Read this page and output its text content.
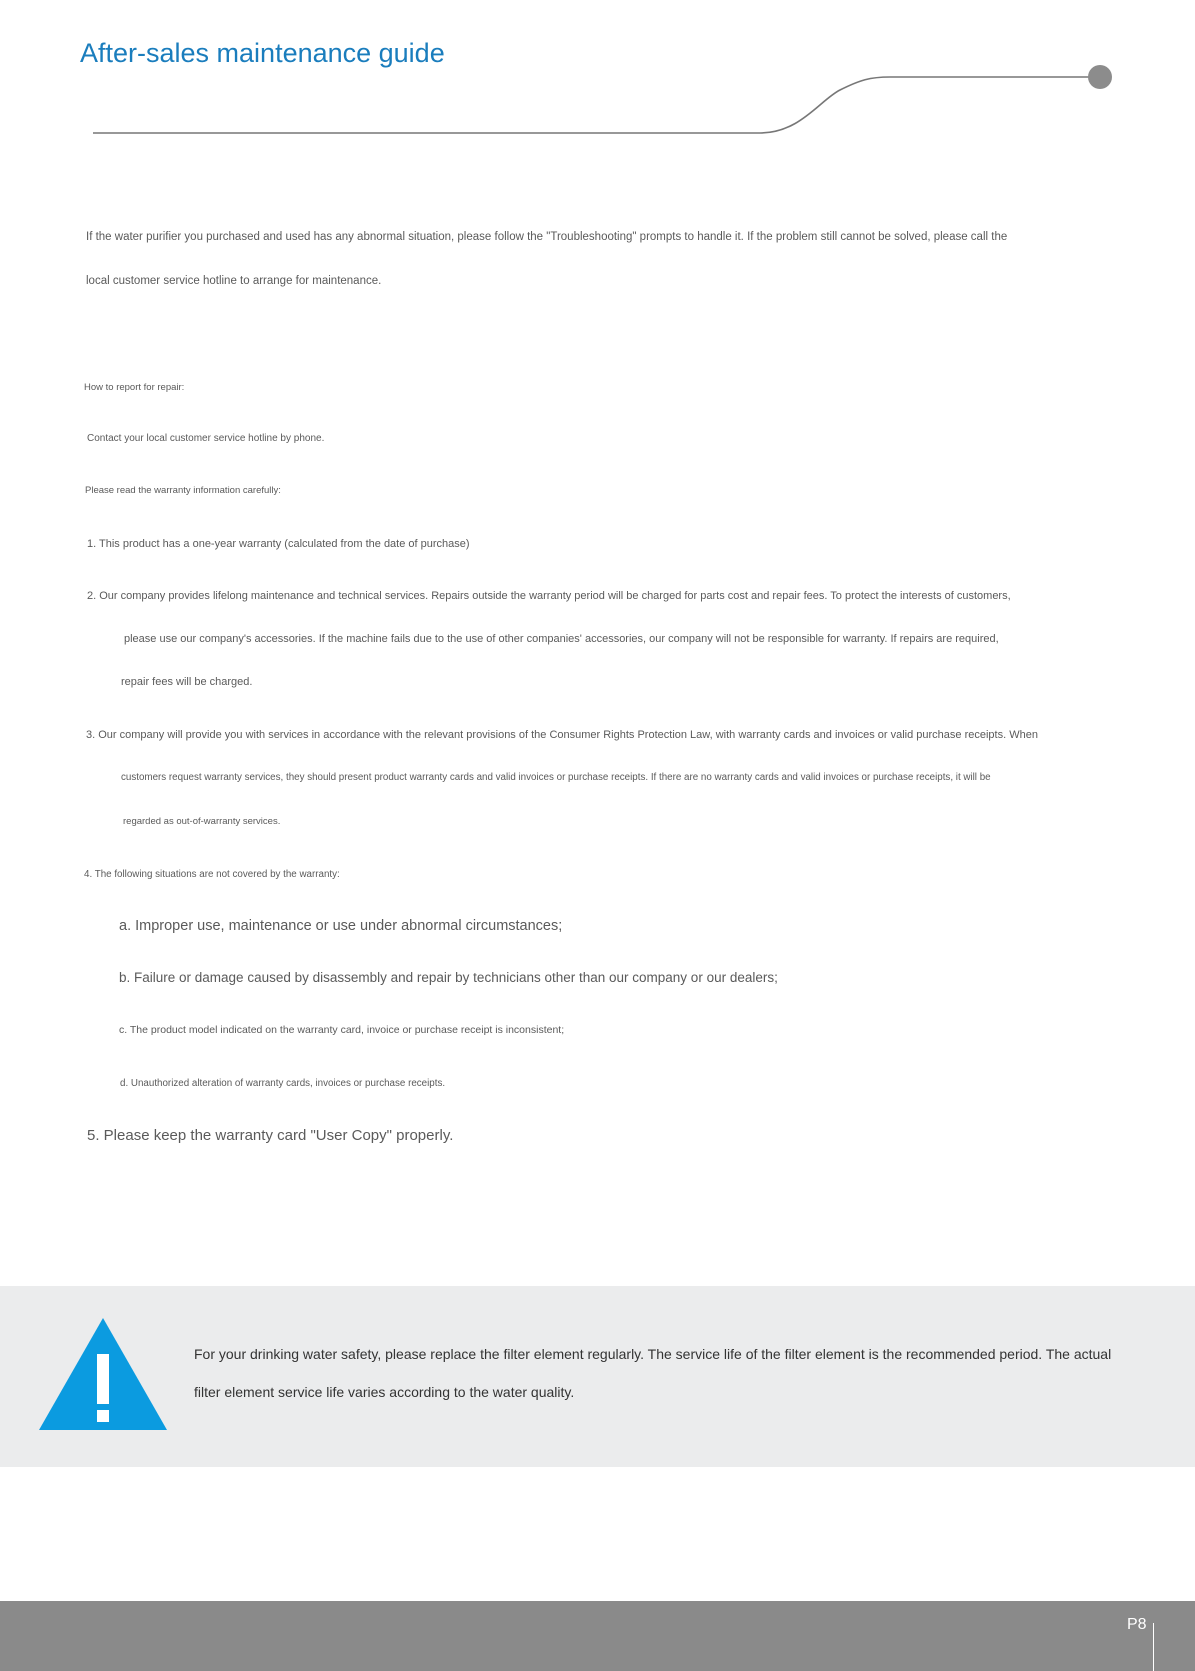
After-sales maintenance guide
If the water purifier you purchased and used has any abnormal situation, please follow the "Troubleshooting" prompts to handle it. If the problem still cannot be solved, please call the
local customer service hotline to arrange for maintenance.
How to report for repair:
Contact your local customer service hotline by phone.
Please read the warranty information carefully:
1. This product has a one-year warranty (calculated from the date of purchase)
2. Our company provides lifelong maintenance and technical services. Repairs outside the warranty period will be charged for parts cost and repair fees. To protect the interests of customers,
please use our company's accessories. If the machine fails due to the use of other companies' accessories, our company will not be responsible for warranty. If repairs are required,
repair fees will be charged.
3. Our company will provide you with services in accordance with the relevant provisions of the Consumer Rights Protection Law, with warranty cards and invoices or valid purchase receipts. When
customers request warranty services, they should present product warranty cards and valid invoices or purchase receipts. If there are no warranty cards and valid invoices or purchase receipts, it will be
regarded as out-of-warranty services.
4. The following situations are not covered by the warranty:
a. Improper use, maintenance or use under abnormal circumstances;
b. Failure or damage caused by disassembly and repair by technicians other than our company or our dealers;
c. The product model indicated on the warranty card, invoice or purchase receipt is inconsistent;
d. Unauthorized alteration of warranty cards, invoices or purchase receipts.
5. Please keep the warranty card "User Copy" properly.
For your drinking water safety, please replace the filter element regularly. The service life of the filter element is the recommended period. The actual
filter element service life varies according to the water quality.
P8
